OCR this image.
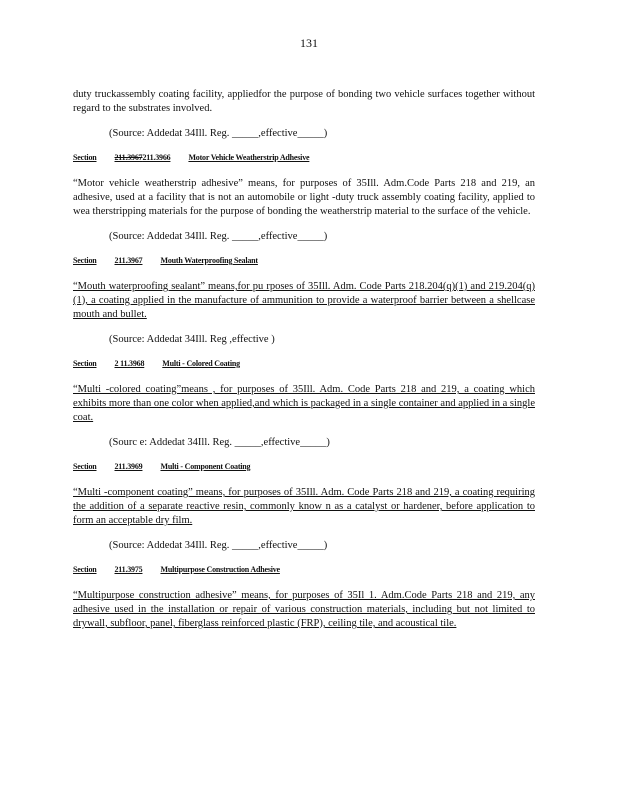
131

duty truckassembly coating facility, appliedfor the purpose of bonding two vehicle surfaces together without regard to the substrates involved.

(Source: Addedat 34Ill. Reg. _____,effective_____)

Section 211.3967211.3966 Motor Vehicle Weatherstrip Adhesive

“Motor vehicle weatherstrip adhesive” means, for purposes of 35Ill. Adm.Code Parts 218 and 219, an adhesive, used at a facility that is not an automobile or light -duty truck assembly coating facility, applied to wea therstripping materials for the purpose of bonding the weatherstrip material to the surface of the vehicle.

(Source: Addedat 34Ill. Reg. _____,effective_____)

Section 211.3967 Mouth Waterproofing Sealant

“Mouth waterproofing sealant” means,for pu rposes of 35Ill. Adm. Code Parts 218.204(q)(1) and 219.204(q)(1), a coating applied in the manufacture of ammunition to provide a waterproof barrier between a shellcase mouth and bullet.

(Source: Addedat 34Ill. Reg ,effective )

Section 2 11.3968 Multi - Colored Coating

“Multi -colored coating”means , for purposes of 35Ill. Adm. Code Parts 218 and 219, a coating which exhibits more than one color when applied,and which is packaged in a single container and applied in a single coat.

(Sourc e: Addedat 34Ill. Reg. _____,effective_____)

Section 211.3969 Multi - Component Coating

“Multi -component coating” means, for purposes of 35Ill. Adm. Code Parts 218 and 219, a coating requiring the addition of a separate reactive resin, commonly know n as a catalyst or hardener, before application to form an acceptable dry film.

(Source: Addedat 34Ill. Reg. _____,effective_____)

Section 211.3975 Multipurpose Construction Adhesive

“Multipurpose construction adhesive” means, for purposes of 35Il 1. Adm.Code Parts 218 and 219, any adhesive used in the installation or repair of various construction materials, including but not limited to drywall, subfloor, panel, fiberglass reinforced plastic (FRP), ceiling tile, and acoustical tile.
